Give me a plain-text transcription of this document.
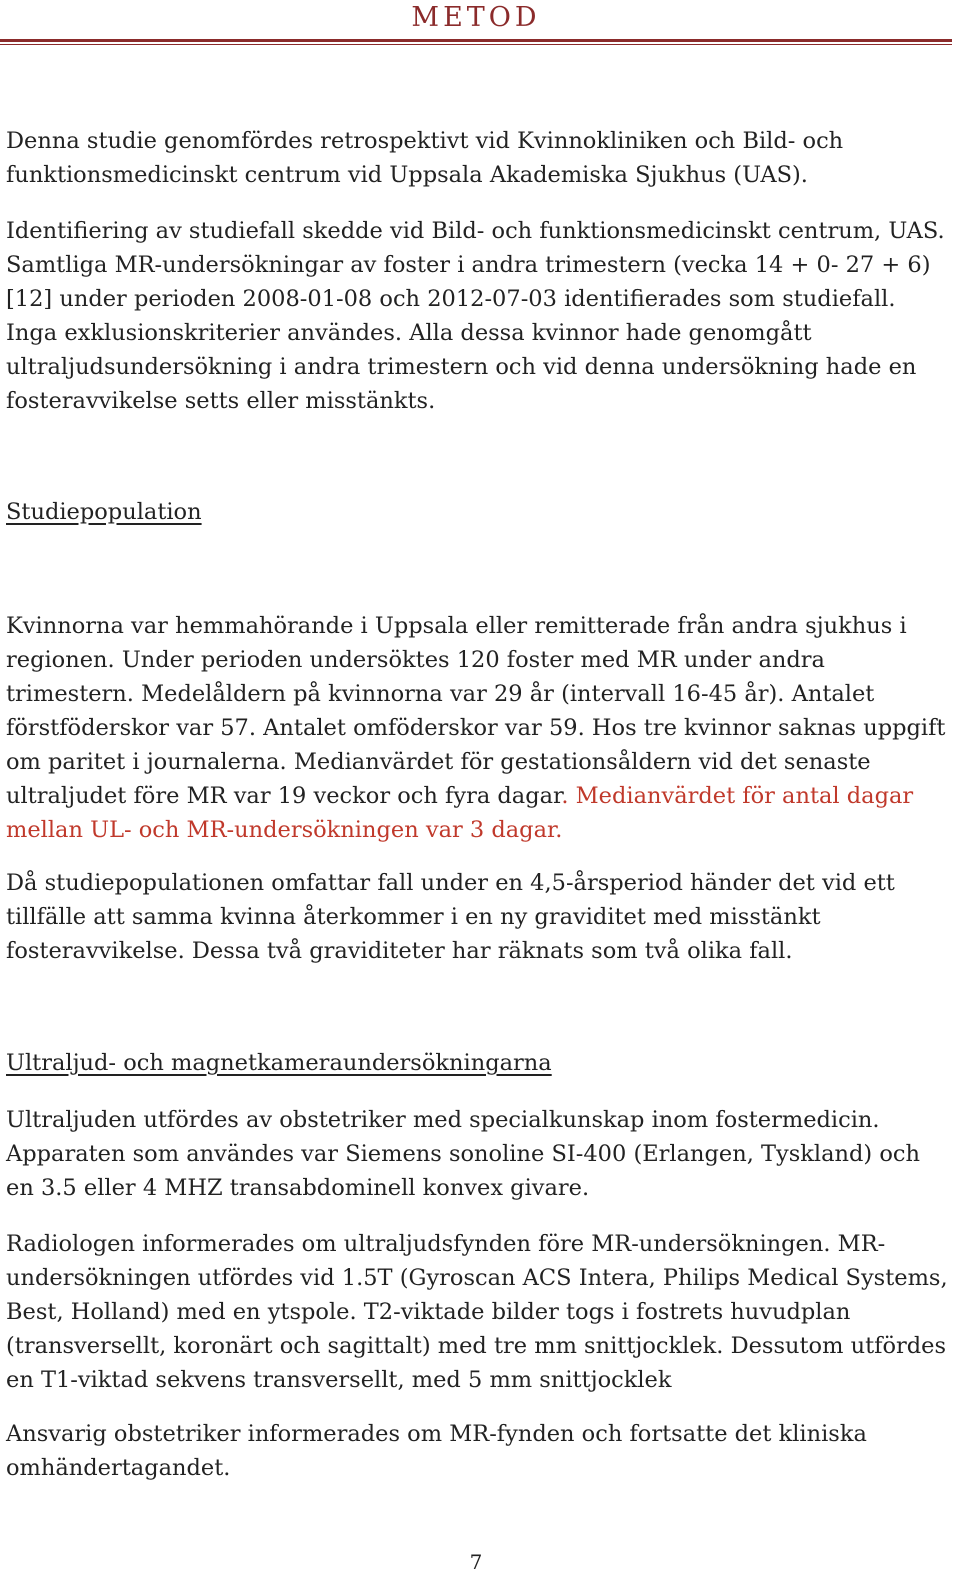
METOD

Denna studie genomfördes retrospektivt vid Kvinnokliniken och Bild- och funktionsmedicinskt centrum vid Uppsala Akademiska Sjukhus (UAS).

Identifiering av studiefall skedde vid Bild- och funktionsmedicinskt centrum, UAS. Samtliga MR-undersökningar av foster i andra trimestern (vecka 14 + 0- 27 + 6) [12] under perioden 2008-01-08 och 2012-07-03 identifierades som studiefall. Inga exklusionskriterier användes. Alla dessa kvinnor hade genomgått ultraljudsundersökning i andra trimestern och vid denna undersökning hade en fosteravvikelse setts eller misstänkts.

Studiepopulation

Kvinnorna var hemmahörande i Uppsala eller remitterade från andra sjukhus i regionen. Under perioden undersöktes 120 foster med MR under andra trimestern. Medelåldern på kvinnorna var 29 år (intervall 16-45 år). Antalet förstföderskor var 57. Antalet omföderskor var 59. Hos tre kvinnor saknas uppgift om paritet i journalerna. Medianvärdet för gestationsåldern vid det senaste ultraljudet före MR var 19 veckor och fyra dagar. Medianvärdet för antal dagar mellan UL- och MR-undersökningen var 3 dagar.

Då studiepopulationen omfattar fall under en 4,5-årsperiod händer det vid ett tillfälle att samma kvinna återkommer i en ny graviditet med misstänkt fosteravvikelse. Dessa två graviditeter har räknats som två olika fall.

Ultraljud- och magnetkameraundersökningarna

Ultraljuden utfördes av obstetriker med specialkunskap inom fostermedicin. Apparaten som användes var Siemens sonoline SI-400 (Erlangen, Tyskland) och en 3.5 eller 4 MHZ transabdominell konvex givare.

Radiologen informerades om ultraljudsfynden före MR-undersökningen. MR-undersökningen utfördes vid 1.5T (Gyroscan ACS Intera, Philips Medical Systems, Best, Holland) med en ytspole. T2-viktade bilder togs i fostrets huvudplan (transversellt, koronärt och sagittalt) med tre mm snittjocklek. Dessutom utfördes en T1-viktad sekvens transversellt, med 5 mm snittjocklek

Ansvarig obstetriker informerades om MR-fynden och fortsatte det kliniska omhändertagandet.

7
